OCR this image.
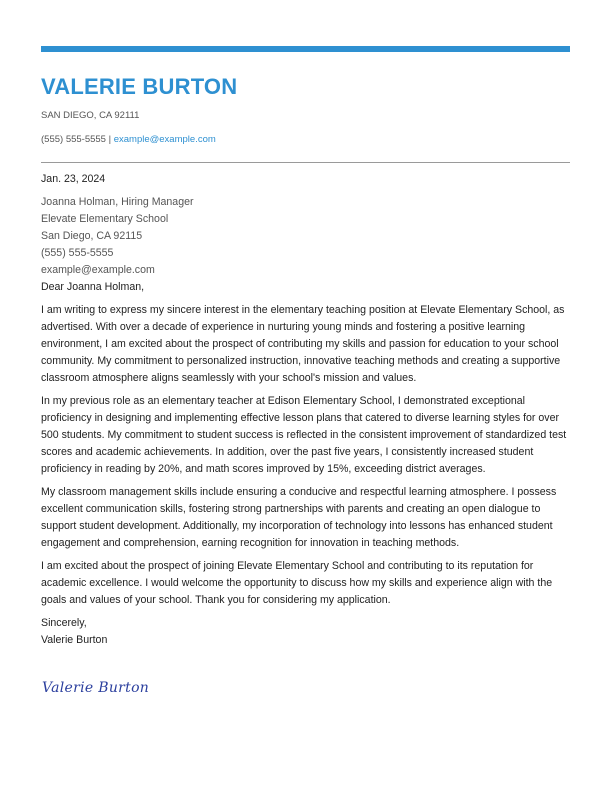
VALERIE BURTON
SAN DIEGO, CA 92111
(555) 555-5555 | example@example.com

Jan. 23, 2024

Joanna Holman, Hiring Manager

Elevate Elementary School

San Diego, CA 92115

(555) 555-5555

example@example.com

Dear Joanna Holman,

I am writing to express my sincere interest in the elementary teaching position at Elevate Elementary School, as advertised. With over a decade of experience in nurturing young minds and fostering a positive learning environment, I am excited about the prospect of contributing my skills and passion for education to your school community. My commitment to personalized instruction, innovative teaching methods and creating a supportive classroom atmosphere aligns seamlessly with your school's mission and values.

In my previous role as an elementary teacher at Edison Elementary School, I demonstrated exceptional proficiency in designing and implementing effective lesson plans that catered to diverse learning styles for over 500 students. My commitment to student success is reflected in the consistent improvement of standardized test scores and academic achievements. In addition, over the past five years, I consistently increased student proficiency in reading by 20%, and math scores improved by 15%, exceeding district averages.

My classroom management skills include ensuring a conducive and respectful learning atmosphere. I possess excellent communication skills, fostering strong partnerships with parents and creating an open dialogue to support student development. Additionally, my incorporation of technology into lessons has enhanced student engagement and comprehension, earning recognition for innovation in teaching methods.

I am excited about the prospect of joining Elevate Elementary School and contributing to its reputation for academic excellence. I would welcome the opportunity to discuss how my skills and experience align with the goals and values of your school. Thank you for considering my application.

Sincerely,

Valerie Burton

Valerie Burton
